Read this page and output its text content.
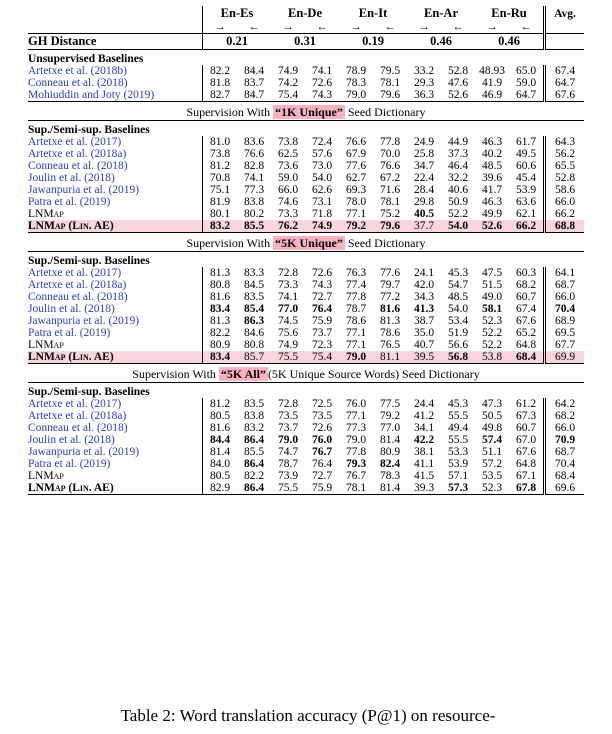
	En-Es		En-De		En-It		En-Ar		En-Ru		Avg.
	→	←	→	←	→	←	→	←	→	←	
GH Distance	0.21		0.31		0.19		0.46		0.46		

Unsupervised Baselines											
Artetxe et al. (2018b)	82.2	84.4	74.9	74.1	78.9	79.5	33.2	52.8	48.93	65.0	67.4
Conneau et al. (2018)	81.8	83.7	74.2	72.6	78.3	78.1	29.3	47.6	41.9	59.0	64.7
Mohiuddin and Joty (2019)	82.7	84.7	75.4	74.3	79.0	79.6	36.3	52.6	46.9	64.7	67.6

Supervision With “1K Unique” Seed Dictionary											

Sup./Semi-sup. Baselines											
Artetxe et al. (2017)	81.0	83.6	73.8	72.4	76.6	77.8	24.9	44.9	46.3	61.7	64.3
Artetxe et al. (2018a)	73.8	76.6	62.5	57.6	67.9	70.0	25.8	37.3	40.2	49.5	56.2
Conneau et al. (2018)	81.2	82.8	73.6	73.0	77.6	76.6	34.7	46.4	48.5	60.6	65.5
Joulin et al. (2018)	70.8	74.1	59.0	54.0	62.7	67.2	22.4	32.2	39.6	45.4	52.8
Jawanpuria et al. (2019)	75.1	77.3	66.0	62.6	69.3	71.6	28.4	40.6	41.7	53.9	58.6
Patra et al. (2019)	81.9	83.8	74.6	73.1	78.0	78.1	29.8	50.9	46.3	63.6	66.0
LNMap	80.1	80.2	73.3	71.8	77.1	75.2	40.5	52.2	49.9	62.1	66.2
LNMap (Lin. AE)	83.2	85.5	76.2	74.9	79.2	79.6	37.7	54.0	52.6	66.2	68.8

Supervision With “5K Unique” Seed Dictionary											

Sup./Semi-sup. Baselines											
Artetxe et al. (2017)	81.3	83.3	72.8	72.6	76.3	77.6	24.1	45.3	47.5	60.3	64.1
Artetxe et al. (2018a)	80.8	84.5	73.3	74.3	77.4	79.7	42.0	54.7	51.5	68.2	68.7
Conneau et al. (2018)	81.6	83.5	74.1	72.7	77.8	77.2	34.3	48.5	49.0	60.7	66.0
Joulin et al. (2018)	83.4	85.4	77.0	76.4	78.7	81.6	41.3	54.0	58.1	67.4	70.4
Jawanpuria et al. (2019)	81.3	86.3	74.5	75.9	78.6	81.3	38.7	53.4	52.3	67.6	68.9
Patra et al. (2019)	82.2	84.6	75.6	73.7	77.1	78.6	35.0	51.9	52.2	65.2	69.5
LNMap	80.9	80.8	74.9	72.3	77.1	76.5	40.7	56.6	52.2	64.8	67.7
LNMap (Lin. AE)	83.4	85.7	75.5	75.4	79.0	81.1	39.5	56.8	53.8	68.4	69.9

Supervision With “5K All” (5K Unique Source Words) Seed Dictionary											

Sup./Semi-sup. Baselines											
Artetxe et al. (2017)	81.2	83.5	72.8	72.5	76.0	77.5	24.4	45.3	47.3	61.2	64.2
Artetxe et al. (2018a)	80.5	83.8	73.5	73.5	77.1	79.2	41.2	55.5	50.5	67.3	68.2
Conneau et al. (2018)	81.6	83.2	73.7	72.6	77.3	77.0	34.1	49.4	49.8	60.7	66.0
Joulin et al. (2018)	84.4	86.4	79.0	76.0	79.0	81.4	42.2	55.5	57.4	67.0	70.9
Jawanpuria et al. (2019)	81.4	85.5	74.7	76.7	77.8	80.9	38.1	53.3	51.1	67.6	68.7
Patra et al. (2019)	84.0	86.4	78.7	76.4	79.3	82.4	41.1	53.9	57.2	64.8	70.4
LNMap	80.5	82.2	73.9	72.7	76.7	78.3	41.5	57.1	53.5	67.1	68.4
LNMap (Lin. AE)	82.9	86.4	75.5	75.9	78.1	81.4	39.3	57.3	52.3	67.8	69.6

Table 2: Word translation accuracy (P@1) on resource-
